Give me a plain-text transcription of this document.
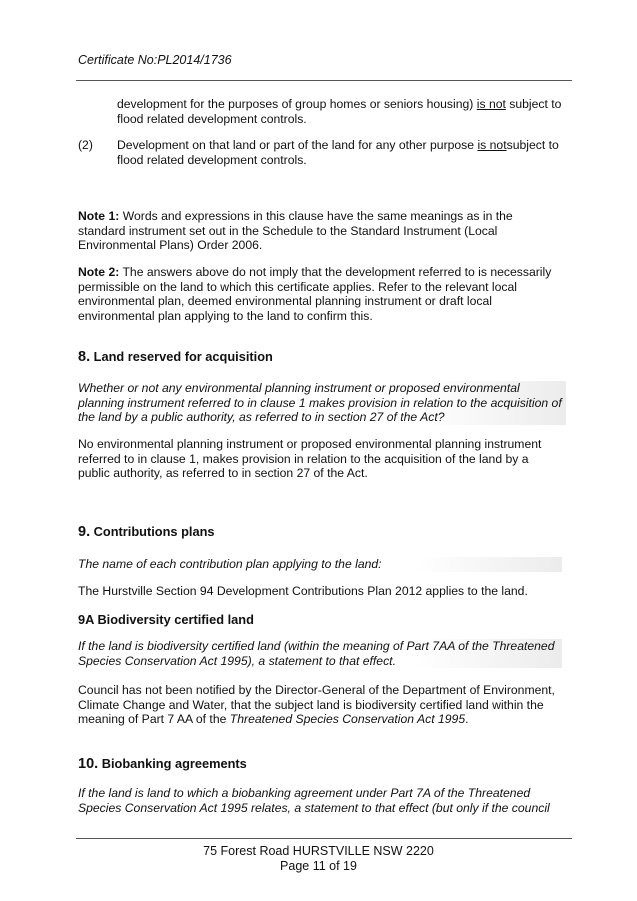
Certificate No:PL2014/1736

development for the purposes of group homes or seniors housing) is not subject to flood related development controls.

(2) Development on that land or part of the land for any other purpose is notsubject to flood related development controls.

Note 1: Words and expressions in this clause have the same meanings as in the standard instrument set out in the Schedule to the Standard Instrument (Local Environmental Plans) Order 2006.

Note 2: The answers above do not imply that the development referred to is necessarily permissible on the land to which this certificate applies. Refer to the relevant local environmental plan, deemed environmental planning instrument or draft local environmental plan applying to the land to confirm this.

8. Land reserved for acquisition

Whether or not any environmental planning instrument or proposed environmental planning instrument referred to in clause 1 makes provision in relation to the acquisition of the land by a public authority, as referred to in section 27 of the Act?

No environmental planning instrument or proposed environmental planning instrument referred to in clause 1, makes provision in relation to the acquisition of the land by a public authority, as referred to in section 27 of the Act.

9. Contributions plans

The name of each contribution plan applying to the land:

The Hurstville Section 94 Development Contributions Plan 2012 applies to the land.

9A Biodiversity certified land

If the land is biodiversity certified land (within the meaning of Part 7AA of the Threatened Species Conservation Act 1995), a statement to that effect.

Council has not been notified by the Director-General of the Department of Environment, Climate Change and Water, that the subject land is biodiversity certified land within the meaning of Part 7 AA of the Threatened Species Conservation Act 1995.

10. Biobanking agreements

If the land is land to which a biobanking agreement under Part 7A of the Threatened Species Conservation Act 1995 relates, a statement to that effect (but only if the council

75 Forest Road HURSTVILLE NSW 2220
Page 11 of 19
